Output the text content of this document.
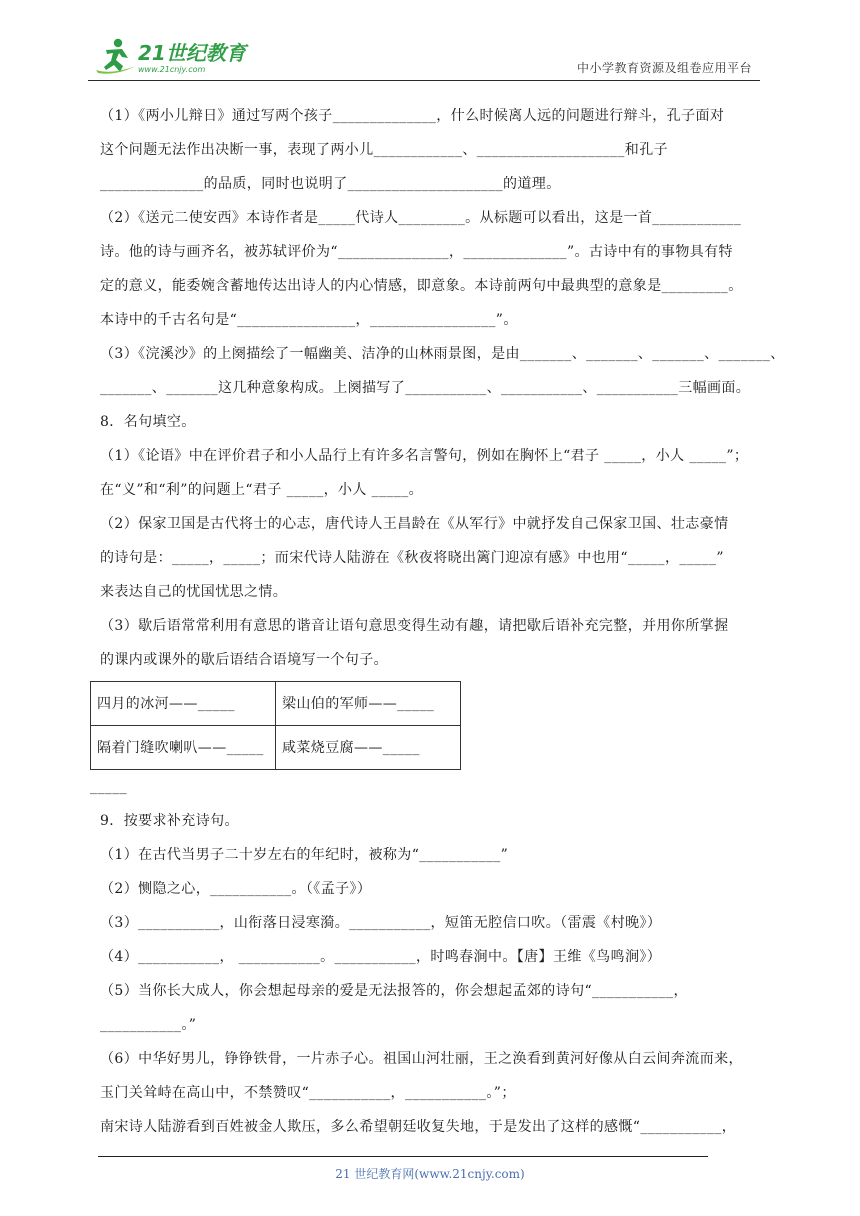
21世纪教育
www.21cnjy.com	中小学教育资源及组卷应用平台
（1）《两小儿辩日》通过写两个孩子______________，什么时候离人远的问题进行辩斗，孔子面对
这个问题无法作出决断一事，表现了两小儿____________、____________________和孔子
______________的品质，同时也说明了_____________________的道理。
（2）《送元二使安西》本诗作者是_____代诗人_________。从标题可以看出，这是一首____________
诗。他的诗与画齐名，被苏轼评价为“_______________，______________”。古诗中有的事物具有特
定的意义，能委婉含蓄地传达出诗人的内心情感，即意象。本诗前两句中最典型的意象是_________。
本诗中的千古名句是“________________，_________________”。
（3）《浣溪沙》的上阕描绘了一幅幽美、洁净的山林雨景图，是由_______、_______、_______、_______、
_______、_______这几种意象构成。上阕描写了___________、___________、___________三幅画面。
8．名句填空。
（1）《论语》中在评价君子和小人品行上有许多名言警句，例如在胸怀上“君子 _____，小人 _____”；
在“义”和“利”的问题上“君子 _____，小人 _____。
（2）保家卫国是古代将士的心志，唐代诗人王昌龄在《从军行》中就抒发自己保家卫国、壮志豪情
的诗句是：_____，_____；而宋代诗人陆游在《秋夜将晓出篱门迎凉有感》中也用“_____，_____”
来表达自己的忧国忧思之情。
（3）歇后语常常利用有意思的谐音让语句意思变得生动有趣，请把歇后语补充完整，并用你所掌握
的课内或课外的歇后语结合语境写一个句子。
四月的冰河——_____	梁山伯的军师——_____
隔着门缝吹喇叭——_____	咸菜烧豆腐——_____
_____
9．按要求补充诗句。
（1）在古代当男子二十岁左右的年纪时，被称为“___________”
（2）恻隐之心，___________。（《孟子》）
（3）___________，山衔落日浸寒漪。___________，短笛无腔信口吹。（雷震《村晚》）
（4）___________， ___________。___________，时鸣春涧中。【唐】王维《鸟鸣涧》）
（5）当你长大成人，你会想起母亲的爱是无法报答的，你会想起孟郊的诗句“___________，
___________。”
（6）中华好男儿，铮铮铁骨，一片赤子心。祖国山河壮丽，王之涣看到黄河好像从白云间奔流而来，
玉门关耸峙在高山中，不禁赞叹“___________，___________。”；
南宋诗人陆游看到百姓被金人欺压，多么希望朝廷收复失地，于是发出了这样的感慨“___________，
21 世纪教育网(www.21cnjy.com)
